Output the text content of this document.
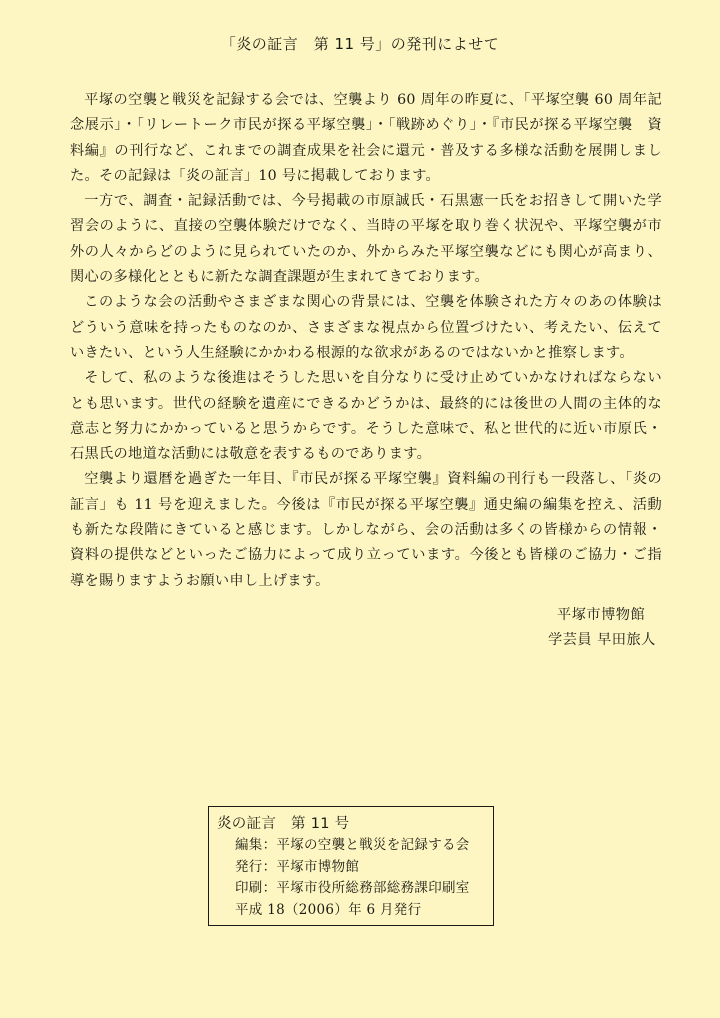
「炎の証言　第 11 号」の発刊によせて

平塚の空襲と戦災を記録する会では、空襲より 60 周年の昨夏に、「平塚空襲 60 周年記念展示」・「リレートーク市民が探る平塚空襲」・「戦跡めぐり」・『市民が探る平塚空襲　資料編』の刊行など、これまでの調査成果を社会に還元・普及する多様な活動を展開しました。その記録は「炎の証言」10 号に掲載しております。

一方で、調査・記録活動では、今号掲載の市原誠氏・石黒憲一氏をお招きして開いた学習会のように、直接の空襲体験だけでなく、当時の平塚を取り巻く状況や、平塚空襲が市外の人々からどのように見られていたのか、外からみた平塚空襲などにも関心が高まり、関心の多様化とともに新たな調査課題が生まれてきております。

このような会の活動やさまざまな関心の背景には、空襲を体験された方々のあの体験はどういう意味を持ったものなのか、さまざまな視点から位置づけたい、考えたい、伝えていきたい、という人生経験にかかわる根源的な欲求があるのではないかと推察します。

そして、私のような後進はそうした思いを自分なりに受け止めていかなければならないとも思います。世代の経験を遺産にできるかどうかは、最終的には後世の人間の主体的な意志と努力にかかっていると思うからです。そうした意味で、私と世代的に近い市原氏・石黒氏の地道な活動には敬意を表するものであります。

空襲より還暦を過ぎた一年目、『市民が探る平塚空襲』資料編の刊行も一段落し、「炎の証言」も 11 号を迎えました。今後は『市民が探る平塚空襲』通史編の編集を控え、活動も新たな段階にきていると感じます。しかしながら、会の活動は多くの皆様からの情報・資料の提供などといったご協力によって成り立っています。今後とも皆様のご協力・ご指導を賜りますようお願い申し上げます。

平塚市博物館
学芸員 早田旅人
炎の証言　第 11 号
編集：平塚の空襲と戦災を記録する会
発行：平塚市博物館
印刷：平塚市役所総務部総務課印刷室
平成 18（2006）年 6 月発行
